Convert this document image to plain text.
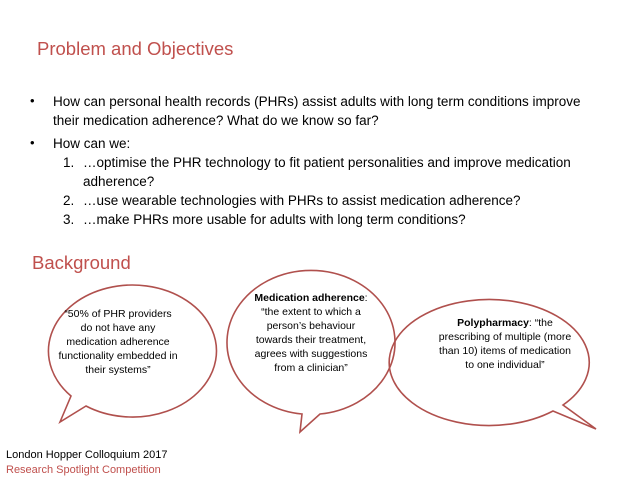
Problem and Objectives
• How can personal health records (PHRs) assist adults with long term conditions improve their medication adherence? What do we know so far?
• How can we:
1. …optimise the PHR technology to fit patient personalities and improve medication adherence?
2. …use wearable technologies with PHRs to assist medication adherence?
3. …make PHRs more usable for adults with long term conditions?
Background
“50% of PHR providers do not have any medication adherence functionality embedded in their systems”
Medication adherence: “the extent to which a person’s behaviour towards their treatment, agrees with suggestions from a clinician”
Polypharmacy: “the prescribing of multiple (more than 10) items of medication to one individual”
London Hopper Colloquium 2017
Research Spotlight Competition
